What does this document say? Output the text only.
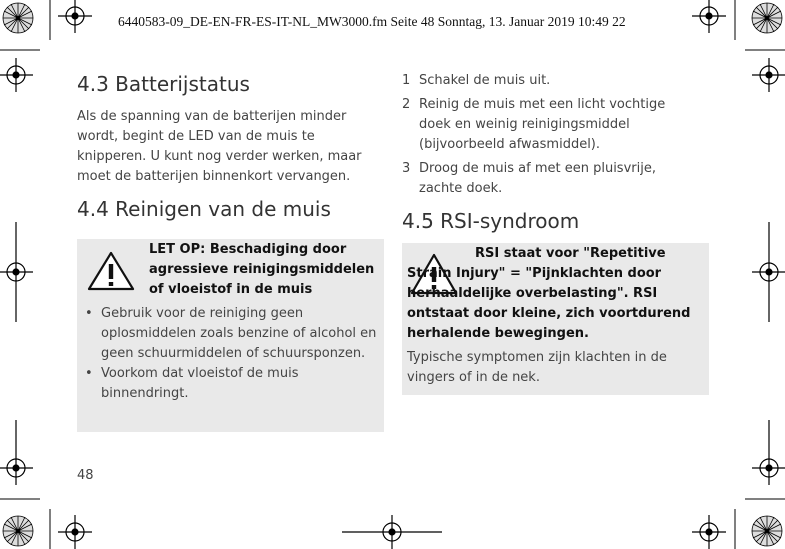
6440583-09_DE-EN-FR-ES-IT-NL_MW3000.fm Seite 48 Sonntag, 13. Januar 2019 10:49 22
4.3 Batterijstatus

Als de spanning van de batterijen minder wordt, begint de LED van de muis te knipperen. U kunt nog verder werken, maar moet de batterijen binnenkort vervangen.

4.4 Reinigen van de muis
LET OP: Beschadiging door agressieve reinigingsmiddelen of vloeistof in de muis
• Gebruik voor de reiniging geen oplosmiddelen zoals benzine of alcohol en geen schuurmiddelen of schuursponzen.
• Voorkom dat vloeistof de muis binnendringt.
1 Schakel de muis uit.
2 Reinig de muis met een licht vochtige doek en weinig reinigingsmiddel (bijvoorbeeld afwasmiddel).
3 Droog de muis af met een pluisvrije, zachte doek.
4.5 RSI-syndroom
RSI staat voor "Repetitive Strain Injury" = "Pijnklachten door herhaaldelijke overbelasting". RSI ontstaat door kleine, zich voortdurend herhalende bewegingen.

Typische symptomen zijn klachten in de vingers of in de nek.

48
